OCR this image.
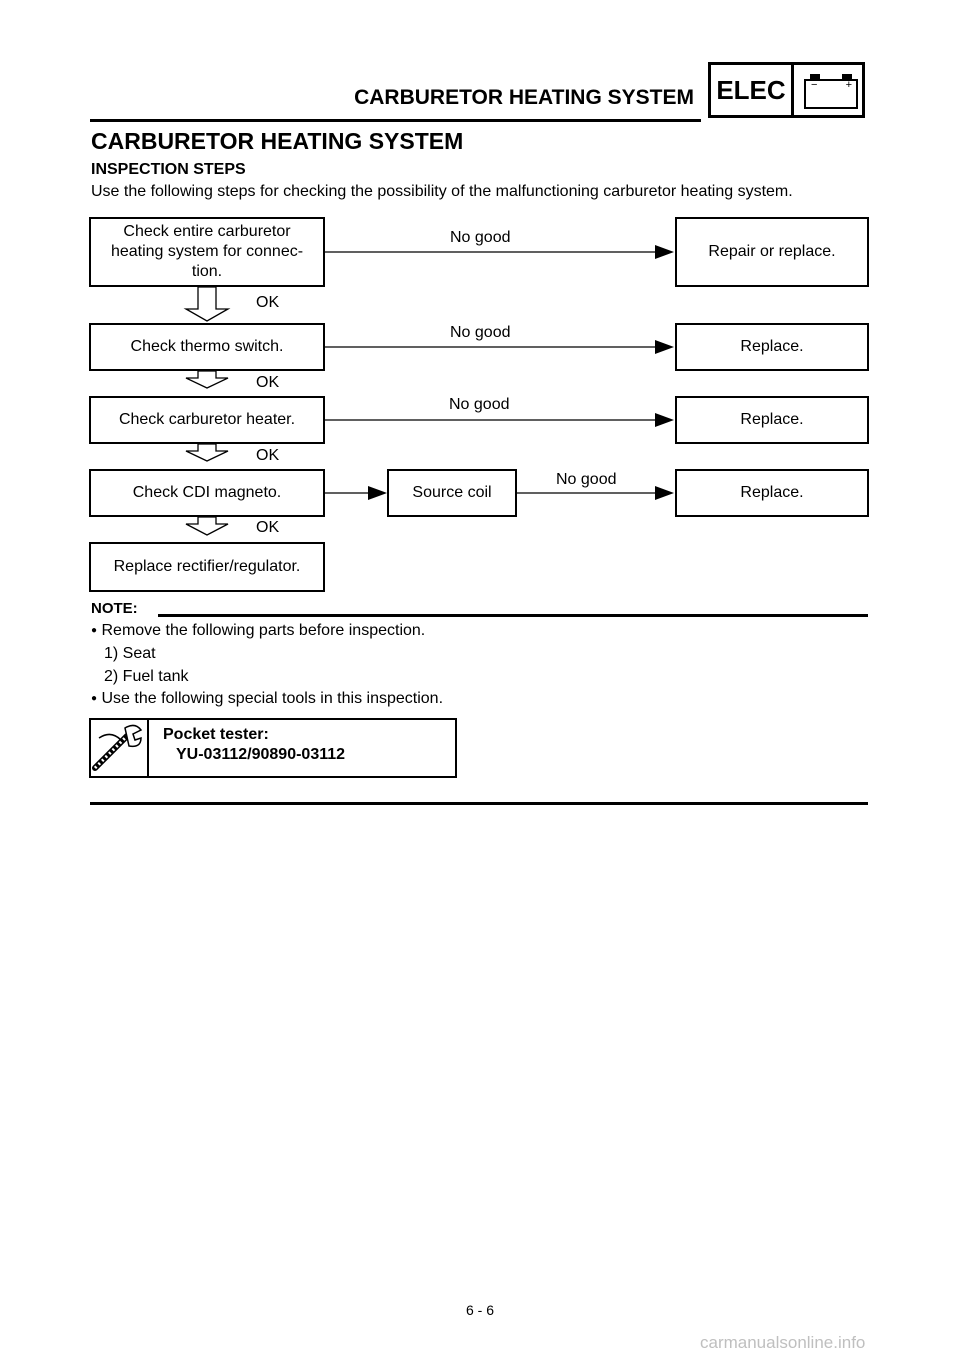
CARBURETOR HEATING SYSTEM ELEC	−	+
CARBURETOR HEATING SYSTEM
INSPECTION STEPS
Use the following steps for checking the possibility of the malfunctioning carburetor heating system.
Check entire carburetor
heating system for connec-
tion.
Check thermo switch.
Check carburetor heater.
Check CDI magneto.
Replace rectifier/regulator.
Source coil
Repair or replace.
Replace.
Replace.
Replace.
No good
No good
No good
No good
OK
OK
OK
OK
NOTE:
● Remove the following parts before inspection.
1) Seat
2) Fuel tank
● Use the following special tools in this inspection.
Pocket tester:
YU-03112/90890-03112
6 - 6
carmanualsonline.info
